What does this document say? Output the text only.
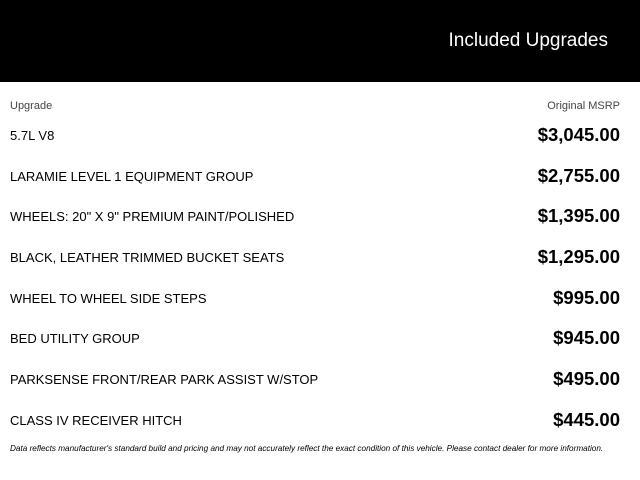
Included Upgrades
Upgrade	Original MSRP
5.7L V8	$3,045.00
LARAMIE LEVEL 1 EQUIPMENT GROUP	$2,755.00
WHEELS: 20" X 9" PREMIUM PAINT/POLISHED	$1,395.00
BLACK, LEATHER TRIMMED BUCKET SEATS	$1,295.00
WHEEL TO WHEEL SIDE STEPS	$995.00
BED UTILITY GROUP	$945.00
PARKSENSE FRONT/REAR PARK ASSIST W/STOP	$495.00
CLASS IV RECEIVER HITCH	$445.00
Data reflects manufacturer's standard build and pricing and may not accurately reflect the exact condition of this vehicle. Please contact dealer for more information.
